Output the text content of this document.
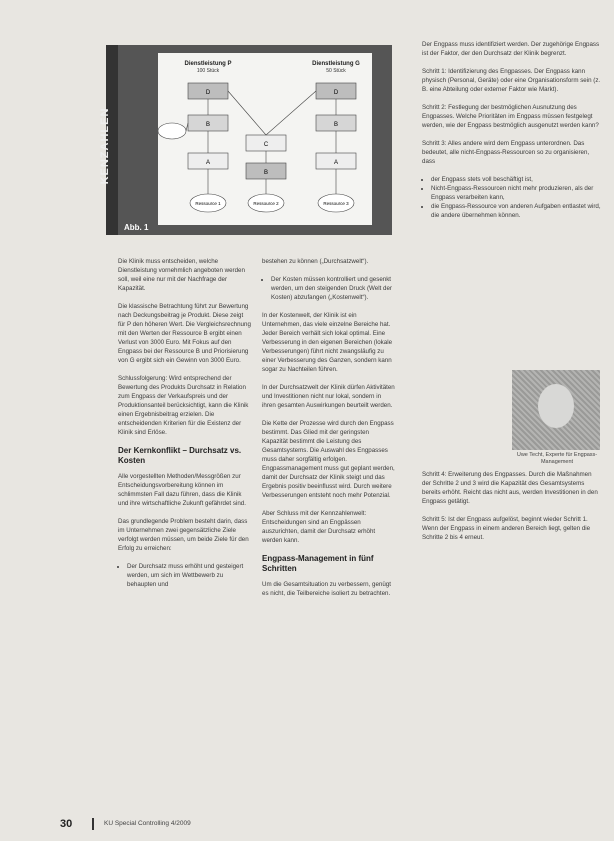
KENZAHLEN
Dienstleistung P
100 Stück
Dienstleistung G
50 Stück
D
B
A
C
B
D
B
A
Ressource 1	Ressource 2	Ressource 3
Abb. 1

Die Klinik muss entscheiden, welche Dienstleistung vornehmlich angeboten werden soll, weil eine nur mit der Nachfrage der Kapazität.

Die klassische Betrachtung führt zur Bewertung nach Deckungsbeitrag je Produkt. Diese zeigt für P den höheren Wert. Die Vergleichsrechnung mit den Werten der Ressource B ergibt einen Verlust von 3000 Euro. Mit Fokus auf den Engpass bei der Ressource B und Priorisierung von G ergibt sich ein Gewinn von 3000 Euro.

Schlussfolgerung: Wird entsprechend der Bewertung des Produkts Durchsatz in Relation zum Engpass der Verkaufspreis und der Produktionsanteil berücksichtigt, kann die Klinik einen Ergebnisbeitrag erzielen. Die entscheidenden Kriterien für die Existenz der Klinik sind Erlöse.

Der Kernkonflikt – Durchsatz vs. Kosten

Alle vorgestellten Methoden/Messgrößen zur Entscheidungsvorbereitung können im schlimmsten Fall dazu führen, dass die Klinik und ihre wirtschaftliche Zukunft gefährdet sind.

Das grundlegende Problem besteht darin, dass im Unternehmen zwei gegensätzliche Ziele verfolgt werden müssen, um beide Ziele für den Erfolg zu erreichen:

• Der Durchsatz muss erhöht und gesteigert werden, um sich im Wettbewerb zu behaupten und

bestehen zu können („Durchsatzwelt“).

• Der Kosten müssen kontrolliert und gesenkt werden, um den steigenden Druck (Welt der Kosten) abzufangen („Kostenwelt“).

In der Kostenwelt, der Klinik ist ein Unternehmen, das viele einzelne Bereiche hat. Jeder Bereich verhält sich lokal optimal. Eine Verbesserung in den eigenen Bereichen (lokale Verbesserungen) führt nicht zwangsläufig zu einer Verbesserung des Ganzen, sondern kann sogar zu Nachteilen führen.

In der Durchsatzwelt der Klinik dürfen Aktivitäten und Investitionen nicht nur lokal, sondern in ihren gesamten Auswirkungen beurteilt werden.

Die Kette der Prozesse wird durch den Engpass bestimmt. Das Glied mit der geringsten Kapazität bestimmt die Leistung des Gesamtsystems. Die Auswahl des Engpasses muss daher sorgfältig erfolgen. Engpassmanagement muss gut geplant werden, damit der Durchsatz der Klinik steigt und das Ergebnis positiv beeinflusst wird. Durch weitere Verbesserungen entsteht noch mehr Potenzial.

Aber Schluss mit der Kennzahlenwelt: Entscheidungen sind an Engpässen auszurichten, damit der Durchsatz erhöht werden kann.

Engpass-Management in fünf Schritten

Um die Gesamtsituation zu verbessern, genügt es nicht, die Teilbereiche isoliert zu betrachten.

Der Engpass muss identifiziert werden. Der zugehörige Engpass ist der Faktor, der den Durchsatz der Klinik begrenzt.

Schritt 1: Identifizierung des Engpasses. Der Engpass kann physisch (Personal, Geräte) oder eine Organisationsform sein (z. B. eine Abteilung oder externer Faktor wie Markt).

Schritt 2: Festlegung der bestmöglichen Ausnutzung des Engpasses. Welche Prioritäten im Engpass müssen festgelegt werden, wie der Engpass bestmöglich ausgenutzt werden kann?

Schritt 3: Alles andere wird dem Engpass unterordnen. Das bedeutet, alle nicht-Engpass-Ressourcen so zu organisieren, dass

• der Engpass stets voll beschäftigt ist,
• Nicht-Engpass-Ressourcen nicht mehr produzieren, als der Engpass verarbeiten kann,
• die Engpass-Ressource von anderen Aufgaben entlastet wird, die andere übernehmen können.
Uwe Techt, Experte für Engpass-Management

Schritt 4: Erweiterung des Engpasses. Durch die Maßnahmen der Schritte 2 und 3 wird die Kapazität des Gesamtsystems bereits erhöht. Reicht das nicht aus, werden Investitionen in den Engpass getätigt.

Schritt 5: Ist der Engpass aufgelöst, beginnt wieder Schritt 1. Wenn der Engpass in einem anderen Bereich liegt, gelten die Schritte 2 bis 4 erneut.

30	KU Special Controlling 4/2009
